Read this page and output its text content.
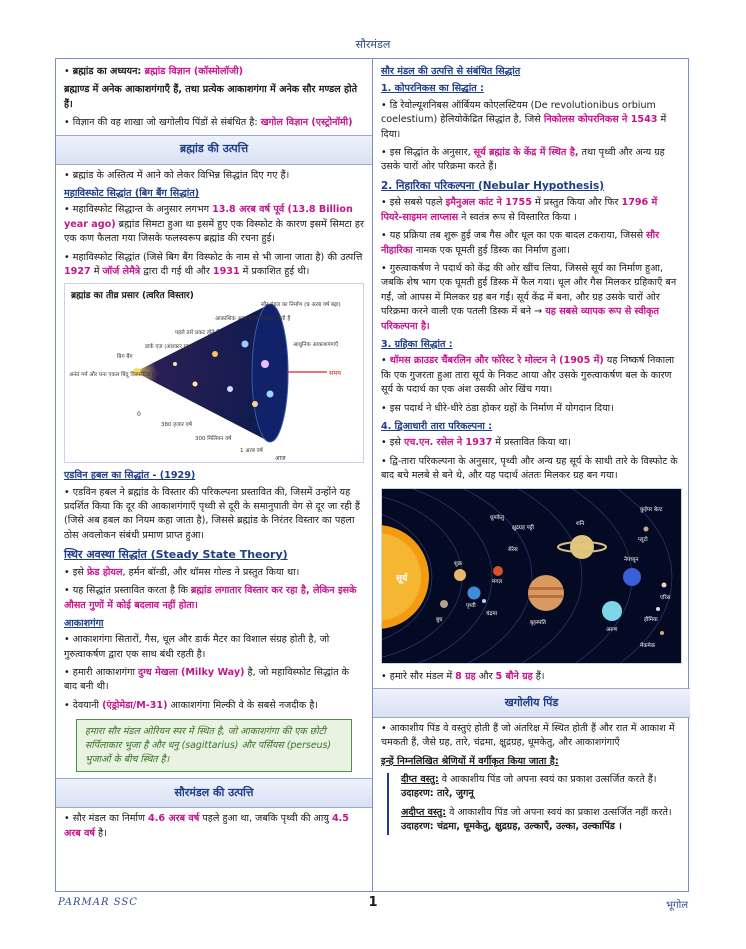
सौरमंडल
• ब्रह्मांड का अध्ययन: ब्रह्मांड विज्ञान (कॉस्मोलॉजी)
ब्रह्माण्ड में अनेक आकाशगंगाएँ हैं, तथा प्रत्येक आकाशगंगा में अनेक सौर मण्डल होते हैं।
• विज्ञान की वह शाखा जो खगोलीय पिंडों से संबंधित है: खगोल विज्ञान (एस्ट्रोनॉमी)
ब्रह्मांड की उत्पत्ति
• ब्रह्मांड के अस्तित्व में आने को लेकर विभिन्न सिद्धांत दिए गए हैं।
महाविस्फोट सिद्धांत (बिग बैंग सिद्धांत)
• महाविस्फोट सिद्धान्त के अनुसार लगभग 13.8 अरब वर्ष पूर्व (13.8 Billion year ago) ब्रह्मांड सिमटा हुआ था इसमें हुए एक विस्फोट के कारण इसमें सिमटा हर एक कण फैलता गया जिसके फलस्वरूप ब्रह्मांड की रचना हुई।
• महाविस्फोट सिद्धांत (जिसे बिग बैंग विस्फोट के नाम से भी जाना जाता है) की उत्पत्ति 1927 में जॉर्ज लेमैत्रे द्वारा दी गई थी और 1931 में प्रकाशित हुई थी।
ब्रह्मांड का तीव्र प्रसार (त्वरित विस्तार)
समय
सौर मंडल का निर्माण (9 अरब वर्ष बढ़ा)
आकाशिक आकाशगंगाएँ प्रकट होती हैं
पहले तारे प्रकट होते हैं
डार्क एज (अंधकार युग)
बिग बैंग
आधुनिक आकाशगंगाएँ
अनंत गर्म और घना एकल बिंदु विस्फोटित हुआ
0
380 हजार वर्ष
300 मिलियन वर्ष
1 अरब वर्ष
आज
एडविन हबल का सिद्धांत - (1929)
• एडविन हबल ने ब्रह्मांड के विस्तार की परिकल्पना प्रस्तावित की, जिसमें उन्होंने यह प्रदर्शित किया कि दूर की आकाशगंगाएँ पृथ्वी से दूरी के समानुपाती वेग से दूर जा रही हैं (जिसे अब हबल का नियम कहा जाता है), जिससे ब्रह्मांड के निरंतर विस्तार का पहला ठोस अवलोकन संबंधी प्रमाण प्राप्त हुआ।
स्थिर अवस्था सिद्धांत (Steady State Theory)
• इसे फ्रेड होयल, हर्मन बॉन्डी, और थॉमस गोल्ड ने प्रस्तुत किया था।
• यह सिद्धांत प्रस्तावित करता है कि ब्रह्मांड लगातार विस्तार कर रहा है, लेकिन इसके औसत गुणों में कोई बदलाव नहीं होता।
आकाशगंगा
• आकाशगंगा सितारों, गैस, धूल और डार्क मैटर का विशाल संग्रह होती है, जो गुरुत्वाकर्षण द्वारा एक साथ बंधी रहती है।
• हमारी आकाशगंगा दुग्ध मेखला (Milky Way) है, जो महाविस्फोट सिद्धांत के बाद बनी थी।
• देवयानी (एंड्रोमेडा/M-31) आकाशगंगा मिल्की वे के सबसे नजदीक है।
हमारा सौर मंडल ओरियन स्पर में स्थित है, जो आकाशगंगा की एक छोटी सर्पिलाकार भुजा है और धनु (sagittarius) और पर्सियस (perseus) भुजाओं के बीच स्थित है।
सौरमंडल की उत्पत्ति
• सौर मंडल का निर्माण 4.6 अरब वर्ष पहले हुआ था, जबकि पृथ्वी की आयु 4.5 अरब वर्ष है।
सौर मंडल की उत्पत्ति से संबंधित सिद्धांत
1. कोपरनिकस का सिद्धांत :
• डि रेवोल्यूशनिबस ऑर्बियम कोएलस्टियम (De revolutionibus orbium coelestium) हेलियोकेंद्रित सिद्धांत है, जिसे निकोलस कोपरनिकस ने 1543 में दिया।
• इस सिद्धांत के अनुसार, सूर्य ब्रह्मांड के केंद्र में स्थित है, तथा पृथ्वी और अन्य ग्रह उसके चारों ओर परिक्रमा करते हैं।
2. निहारिका परिकल्पना (Nebular Hypothesis)
• इसे सबसे पहले इमैनुअल कांट ने 1755 में प्रस्तुत किया और फिर 1796 में पियरे-साइमन लाप्लास ने स्वतंत्र रूप से विस्तारित किया ।
• यह प्रक्रिया तब शुरू हुई जब गैस और धूल का एक बादल टकराया, जिससे सौर नीहारिका नामक एक घूमती हुई डिस्क का निर्माण हुआ।
• गुरुत्वाकर्षण ने पदार्थ को केंद्र की ओर खींच लिया, जिससे सूर्य का निर्माण हुआ, जबकि शेष भाग एक घूमती हुई डिस्क में फैल गया। धूल और गैस मिलकर ग्रहिकाएँ बन गईं, जो आपस में मिलकर ग्रह बन गईं। सूर्य केंद्र में बना, और ग्रह उसके चारों ओर परिक्रमा करने वाली एक पतली डिस्क में बने → यह सबसे व्यापक रूप से स्वीकृत परिकल्पना है।
3. ग्रहिका सिद्धांत :
• थॉमस क्राउडर चैंबरलिन और फॉरेस्ट रे मोल्टन ने (1905 में) यह निष्कर्ष निकाला कि एक गुजरता हुआ तारा सूर्य के निकट आया और उसके गुरुत्वाकर्षण बल के कारण सूर्य के पदार्थ का एक अंश उसकी ओर खिंच गया।
• इस पदार्थ ने धीरे-धीरे ठंडा होकर ग्रहों के निर्माण में योगदान दिया।
4. द्विआधारी तारा परिकल्पना :
• इसे एच.एन. रसेल ने 1937 में प्रस्तावित किया था।
• द्वि-तारा परिकल्पना के अनुसार, पृथ्वी और अन्य ग्रह सूर्य के साथी तारे के विस्फोट के बाद बचे मलबे से बने थे, और यह पदार्थ अंततः मिलकर ग्रह बन गया।
सूर्य
बुध
शुक्र
पृथ्वी
चंद्रमा
मंगल
सेरेस
क्षुद्रग्रह पट्टी
धूमकेतु
बृहस्पति
शनि
अरुण
नेपच्यून
प्लूटो
कुईपर बेल्ट
एरिस
हौमिया
मेकमेक
• हमारे सौर मंडल में 8 ग्रह और 5 बौने ग्रह हैं।
खगोलीय पिंड
• आकाशीय पिंड वे वस्तुएं होती हैं जो अंतरिक्ष में स्थित होती हैं और रात में आकाश में चमकती हैं, जैसे ग्रह, तारे, चंद्रमा, क्षुद्रग्रह, धूमकेतु, और आकाशगंगाएँ
इन्हें निम्नलिखित श्रेणियों में वर्गीकृत किया जाता है:
दीप्त वस्तु: वे आकाशीय पिंड जो अपना स्वयं का प्रकाश उत्सर्जित करते हैं। उदाहरण: तारे, जुगनू
अदीप्त वस्तु: वे आकाशीय पिंड जो अपना स्वयं का प्रकाश उत्सर्जित नहीं करते। उदाहरण: चंद्रमा, धूमकेतु, क्षुद्रग्रह, उल्काएँ, उल्का, उल्कापिंड ।
PARMAR SSC	1	भूगोल
